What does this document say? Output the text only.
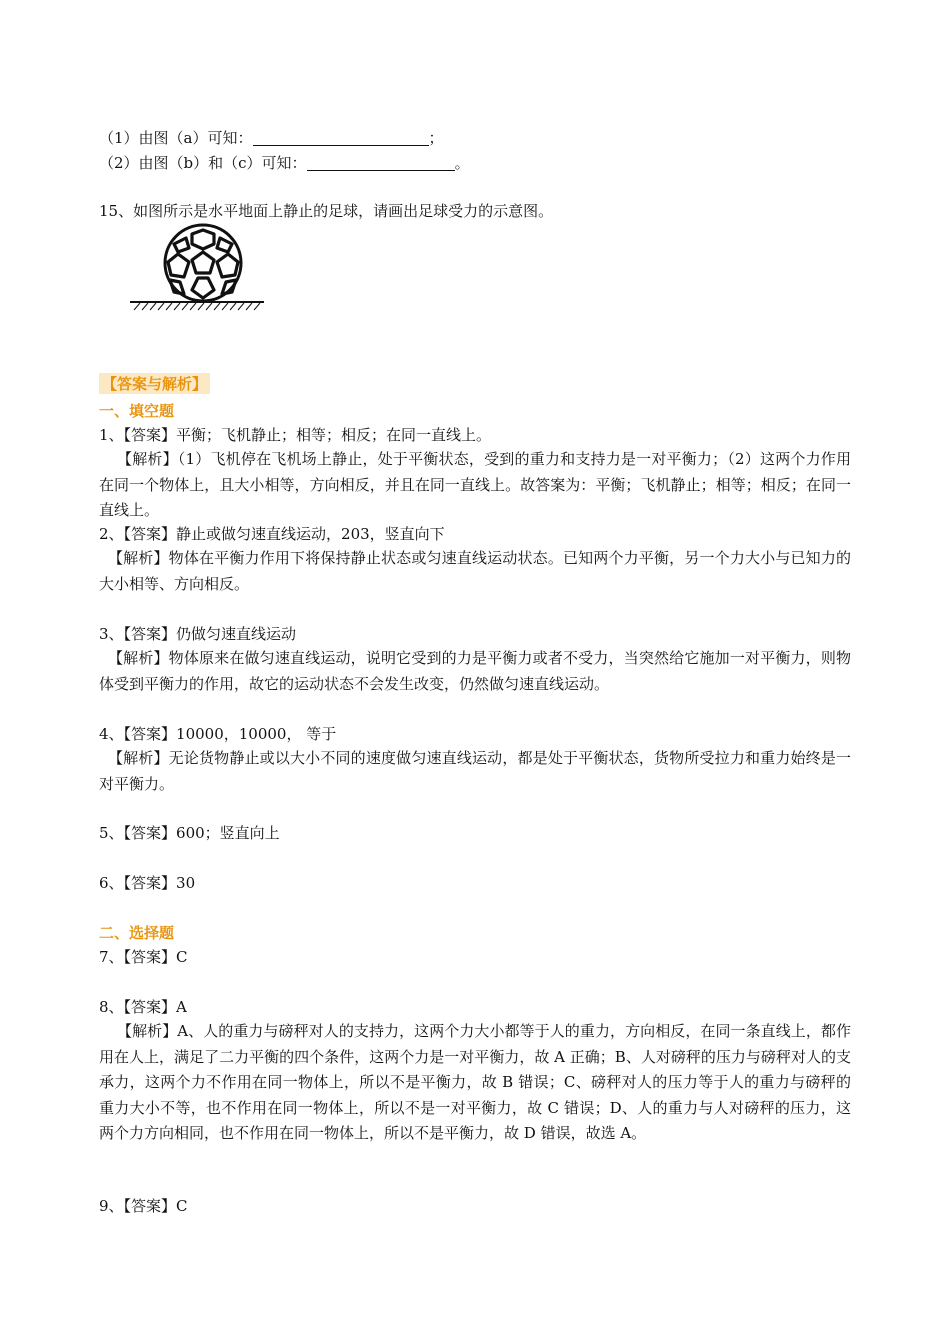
（1）由图（a）可知：	；
（2）由图（b）和（c）可知：	。
15、如图所示是水平地面上静止的足球，请画出足球受力的示意图。
【答案与解析】
一、填空题
1、【答案】平衡；飞机静止；相等；相反；在同一直线上。
【解析】（1）飞机停在飞机场上静止，处于平衡状态，受到的重力和支持力是一对平衡力；（2）这两个力作用在同一个物体上，且大小相等，方向相反，并且在同一直线上。故答案为：平衡；飞机静止；相等；相反；在同一直线上。
2、【答案】静止或做匀速直线运动，203，竖直向下
【解析】物体在平衡力作用下将保持静止状态或匀速直线运动状态。已知两个力平衡，另一个力大小与已知力的大小相等、方向相反。
3、【答案】仍做匀速直线运动
【解析】物体原来在做匀速直线运动，说明它受到的力是平衡力或者不受力，当突然给它施加一对平衡力，则物体受到平衡力的作用，故它的运动状态不会发生改变，仍然做匀速直线运动。
4、【答案】10000，10000， 等于
【解析】无论货物静止或以大小不同的速度做匀速直线运动，都是处于平衡状态，货物所受拉力和重力始终是一对平衡力。
5、【答案】600；竖直向上
6、【答案】30
二、选择题
7、【答案】C
8、【答案】A
【解析】A、人的重力与磅秤对人的支持力，这两个力大小都等于人的重力，方向相反，在同一条直线上，都作用在人上，满足了二力平衡的四个条件，这两个力是一对平衡力，故 A 正确；B、人对磅秤的压力与磅秤对人的支承力，这两个力不作用在同一物体上，所以不是平衡力，故 B 错误；C、磅秤对人的压力等于人的重力与磅秤的重力大小不等，也不作用在同一物体上，所以不是一对平衡力，故 C 错误；D、人的重力与人对磅秤的压力，这两个力方向相同，也不作用在同一物体上，所以不是平衡力，故 D 错误，故选 A。
9、【答案】C
